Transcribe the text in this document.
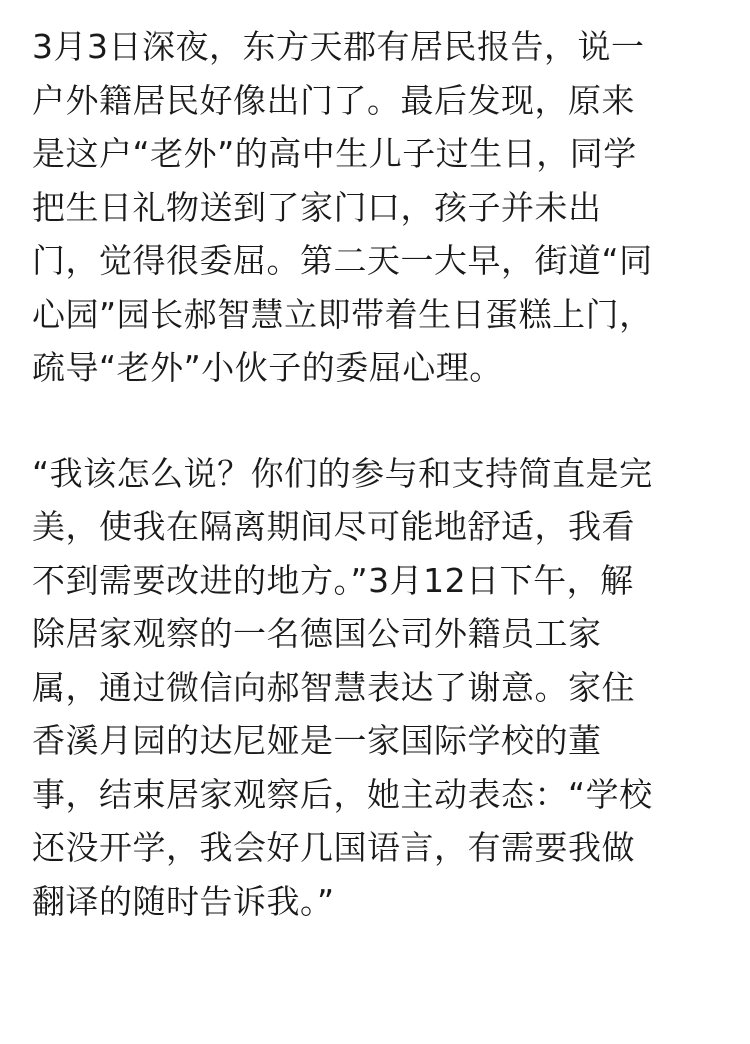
3月3日深夜，东方天郡有居民报告，说一
户外籍居民好像出门了。最后发现，原来
是这户“老外”的高中生儿子过生日，同学
把生日礼物送到了家门口，孩子并未出
门，觉得很委屈。第二天一大早，街道“同
心园”园长郝智慧立即带着生日蛋糕上门，
疏导“老外”小伙子的委屈心理。

“我该怎么说？你们的参与和支持简直是完
美，使我在隔离期间尽可能地舒适，我看
不到需要改进的地方。”3月12日下午，解
除居家观察的一名德国公司外籍员工家
属，通过微信向郝智慧表达了谢意。家住
香溪月园的达尼娅是一家国际学校的董
事，结束居家观察后，她主动表态：“学校
还没开学，我会好几国语言，有需要我做
翻译的随时告诉我。”
